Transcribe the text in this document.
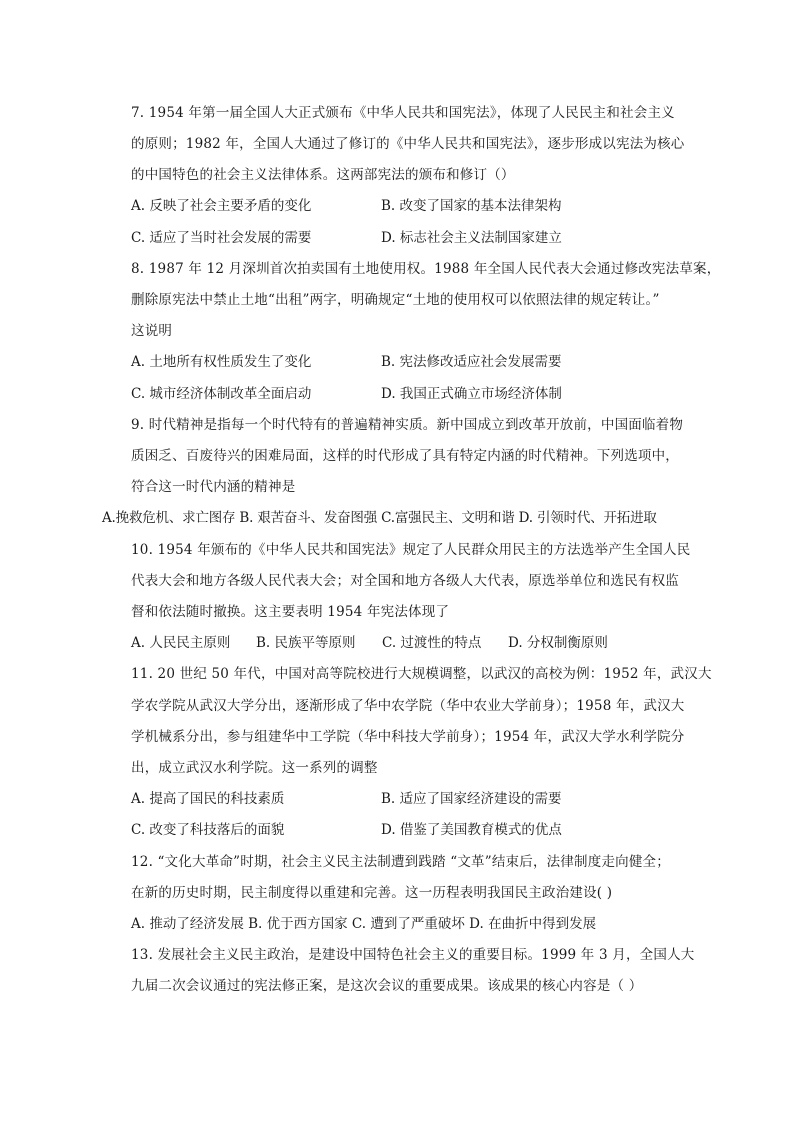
7. 1954 年第一届全国人大正式颁布《中华人民共和国宪法》，体现了人民民主和社会主义
的原则；1982 年，全国人大通过了修订的《中华人民共和国宪法》，逐步形成以宪法为核心
的中国特色的社会主义法律体系。这两部宪法的颁布和修订（）
A. 反映了社会主要矛盾的变化	B. 改变了国家的基本法律架构
C. 适应了当时社会发展的需要	D. 标志社会主义法制国家建立
8. 1987 年 12 月深圳首次拍卖国有土地使用权。1988 年全国人民代表大会通过修改宪法草案，
删除原宪法中禁止土地“出租”两字，明确规定“土地的使用权可以依照法律的规定转让。”
这说明
A. 土地所有权性质发生了变化	B. 宪法修改适应社会发展需要
C. 城市经济体制改革全面启动	D. 我国正式确立市场经济体制
9. 时代精神是指每一个时代特有的普遍精神实质。新中国成立到改革开放前，中国面临着物
质困乏、百废待兴的困难局面，这样的时代形成了具有特定内涵的时代精神。下列选项中，
符合这一时代内涵的精神是
A.挽救危机、求亡图存 B. 艰苦奋斗、发奋图强 C.富强民主、文明和谐 D. 引领时代、开拓进取
10. 1954 年颁布的《中华人民共和国宪法》规定了人民群众用民主的方法选举产生全国人民
代表大会和地方各级人民代表大会；对全国和地方各级人大代表，原选举单位和选民有权监
督和依法随时撤换。这主要表明 1954 年宪法体现了
A. 人民民主原则 B. 民族平等原则 C. 过渡性的特点 D. 分权制衡原则
11. 20 世纪 50 年代，中国对高等院校进行大规模调整，以武汉的高校为例：1952 年，武汉大
学农学院从武汉大学分出，逐渐形成了华中农学院（华中农业大学前身）；1958 年，武汉大
学机械系分出，参与组建华中工学院（华中科技大学前身）；1954 年，武汉大学水利学院分
出，成立武汉水利学院。这一系列的调整
A. 提高了国民的科技素质	B. 适应了国家经济建设的需要
C. 改变了科技落后的面貌	D. 借鉴了美国教育模式的优点
12. “文化大革命”时期，社会主义民主法制遭到践踏 “文革”结束后，法律制度走向健全；
在新的历史时期，民主制度得以重建和完善。这一历程表明我国民主政治建设( )
A. 推动了经济发展 B. 优于西方国家 C. 遭到了严重破坏 D. 在曲折中得到发展
13. 发展社会主义民主政治，是建设中国特色社会主义的重要目标。1999 年 3 月，全国人大
九届二次会议通过的宪法修正案，是这次会议的重要成果。该成果的核心内容是（ ）
